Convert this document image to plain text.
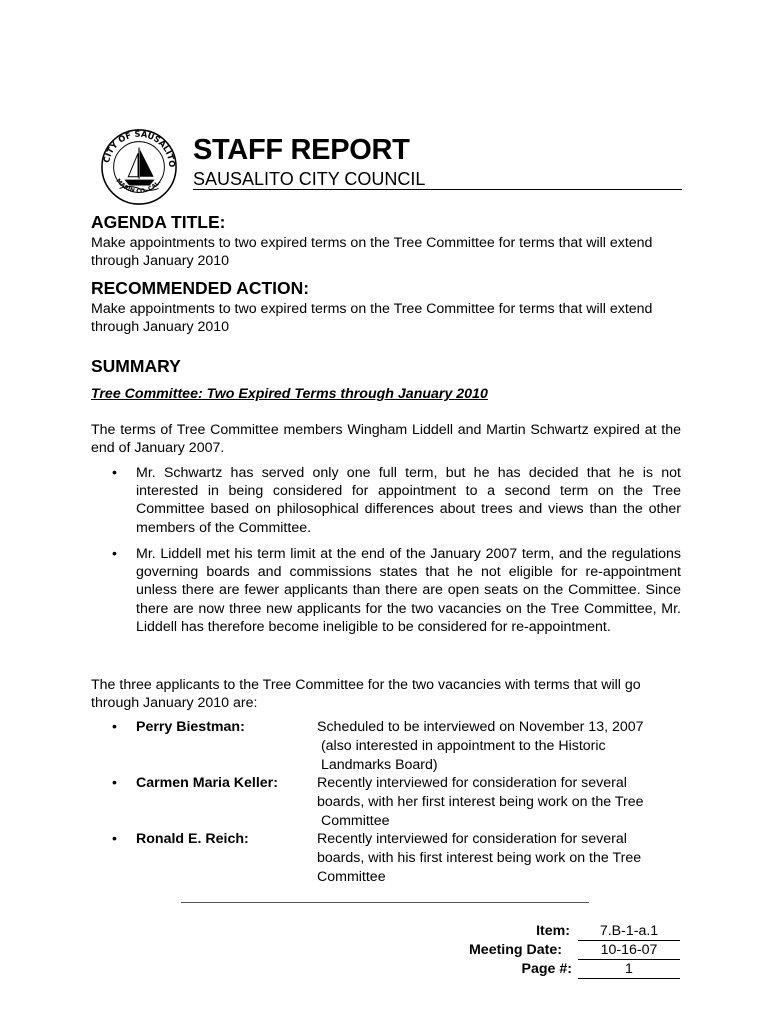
CITY OF SAUSALITO
MARIN CO. CAL.
STAFF REPORT
SAUSALITO CITY COUNCIL
AGENDA TITLE:

Make appointments to two expired terms on the Tree Committee for terms that will extend through January 2010

RECOMMENDED ACTION:

Make appointments to two expired terms on the Tree Committee for terms that will extend through January 2010

SUMMARY
Tree Committee: Two Expired Terms through January 2010

The terms of Tree Committee members Wingham Liddell and Martin Schwartz expired at the end of January 2007.

• Mr. Schwartz has served only one full term, but he has decided that he is not interested in being considered for appointment to a second term on the Tree Committee based on philosophical differences about trees and views than the other members of the Committee.
• Mr. Liddell met his term limit at the end of the January 2007 term, and the regulations governing boards and commissions states that he not eligible for re-appointment unless there are fewer applicants than there are open seats on the Committee. Since there are now three new applicants for the two vacancies on the Tree Committee, Mr. Liddell has therefore become ineligible to be considered for re-appointment.

The three applicants to the Tree Committee for the two vacancies with terms that will go through January 2010 are:

• Perry Biestman:	Scheduled to be interviewed on November 13, 2007
(also interested in appointment to the Historic
Landmarks Board)
• Carmen Maria Keller:	Recently interviewed for consideration for several
boards, with her first interest being work on the Tree
Committee
• Ronald E. Reich:	Recently interviewed for consideration for several
boards, with his first interest being work on the Tree
Committee
Item:	7.B-1-a.1
Meeting Date:	10-16-07
Page #:	1
